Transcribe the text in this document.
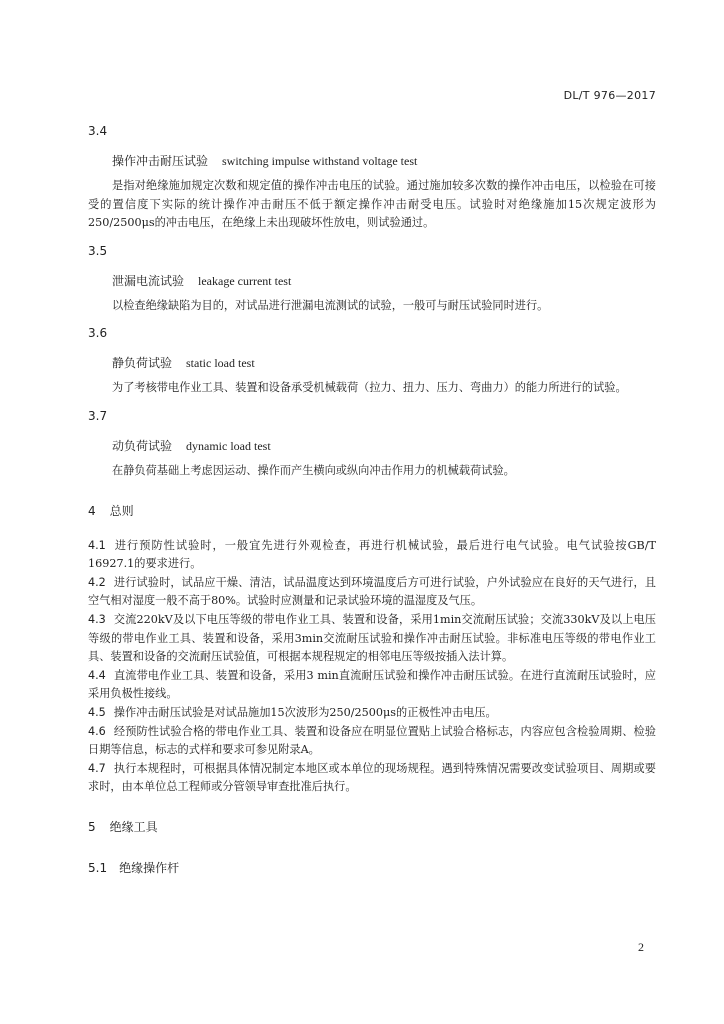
DL/T 976—2017
3.4
操作冲击耐压试验 switching impulse withstand voltage test

是指对绝缘施加规定次数和规定值的操作冲击电压的试验。通过施加较多次数的操作冲击电压，以检验在可接受的置信度下实际的统计操作冲击耐压不低于额定操作冲击耐受电压。试验时对绝缘施加15次规定波形为250/2500μs的冲击电压，在绝缘上未出现破坏性放电，则试验通过。

3.5
泄漏电流试验 leakage current test

以检查绝缘缺陷为目的，对试品进行泄漏电流测试的试验，一般可与耐压试验同时进行。

3.6
静负荷试验 static load test

为了考核带电作业工具、装置和设备承受机械载荷（拉力、扭力、压力、弯曲力）的能力所进行的试验。

3.7
动负荷试验 dynamic load test

在静负荷基础上考虑因运动、操作而产生横向或纵向冲击作用力的机械载荷试验。

4 总则

4.1 进行预防性试验时，一般宜先进行外观检查，再进行机械试验，最后进行电气试验。电气试验按GB/T 16927.1的要求进行。

4.2 进行试验时，试品应干燥、清洁，试品温度达到环境温度后方可进行试验，户外试验应在良好的天气进行，且空气相对湿度一般不高于80%。试验时应测量和记录试验环境的温湿度及气压。

4.3 交流220kV及以下电压等级的带电作业工具、装置和设备，采用1min交流耐压试验；交流330kV及以上电压等级的带电作业工具、装置和设备，采用3min交流耐压试验和操作冲击耐压试验。非标准电压等级的带电作业工具、装置和设备的交流耐压试验值，可根据本规程规定的相邻电压等级按插入法计算。

4.4 直流带电作业工具、装置和设备，采用3 min直流耐压试验和操作冲击耐压试验。在进行直流耐压试验时，应采用负极性接线。

4.5 操作冲击耐压试验是对试品施加15次波形为250/2500μs的正极性冲击电压。

4.6 经预防性试验合格的带电作业工具、装置和设备应在明显位置贴上试验合格标志，内容应包含检验周期、检验日期等信息，标志的式样和要求可参见附录A。

4.7 执行本规程时，可根据具体情况制定本地区或本单位的现场规程。遇到特殊情况需要改变试验项目、周期或要求时，由本单位总工程师或分管领导审查批准后执行。

5 绝缘工具
5.1 绝缘操作杆
2
